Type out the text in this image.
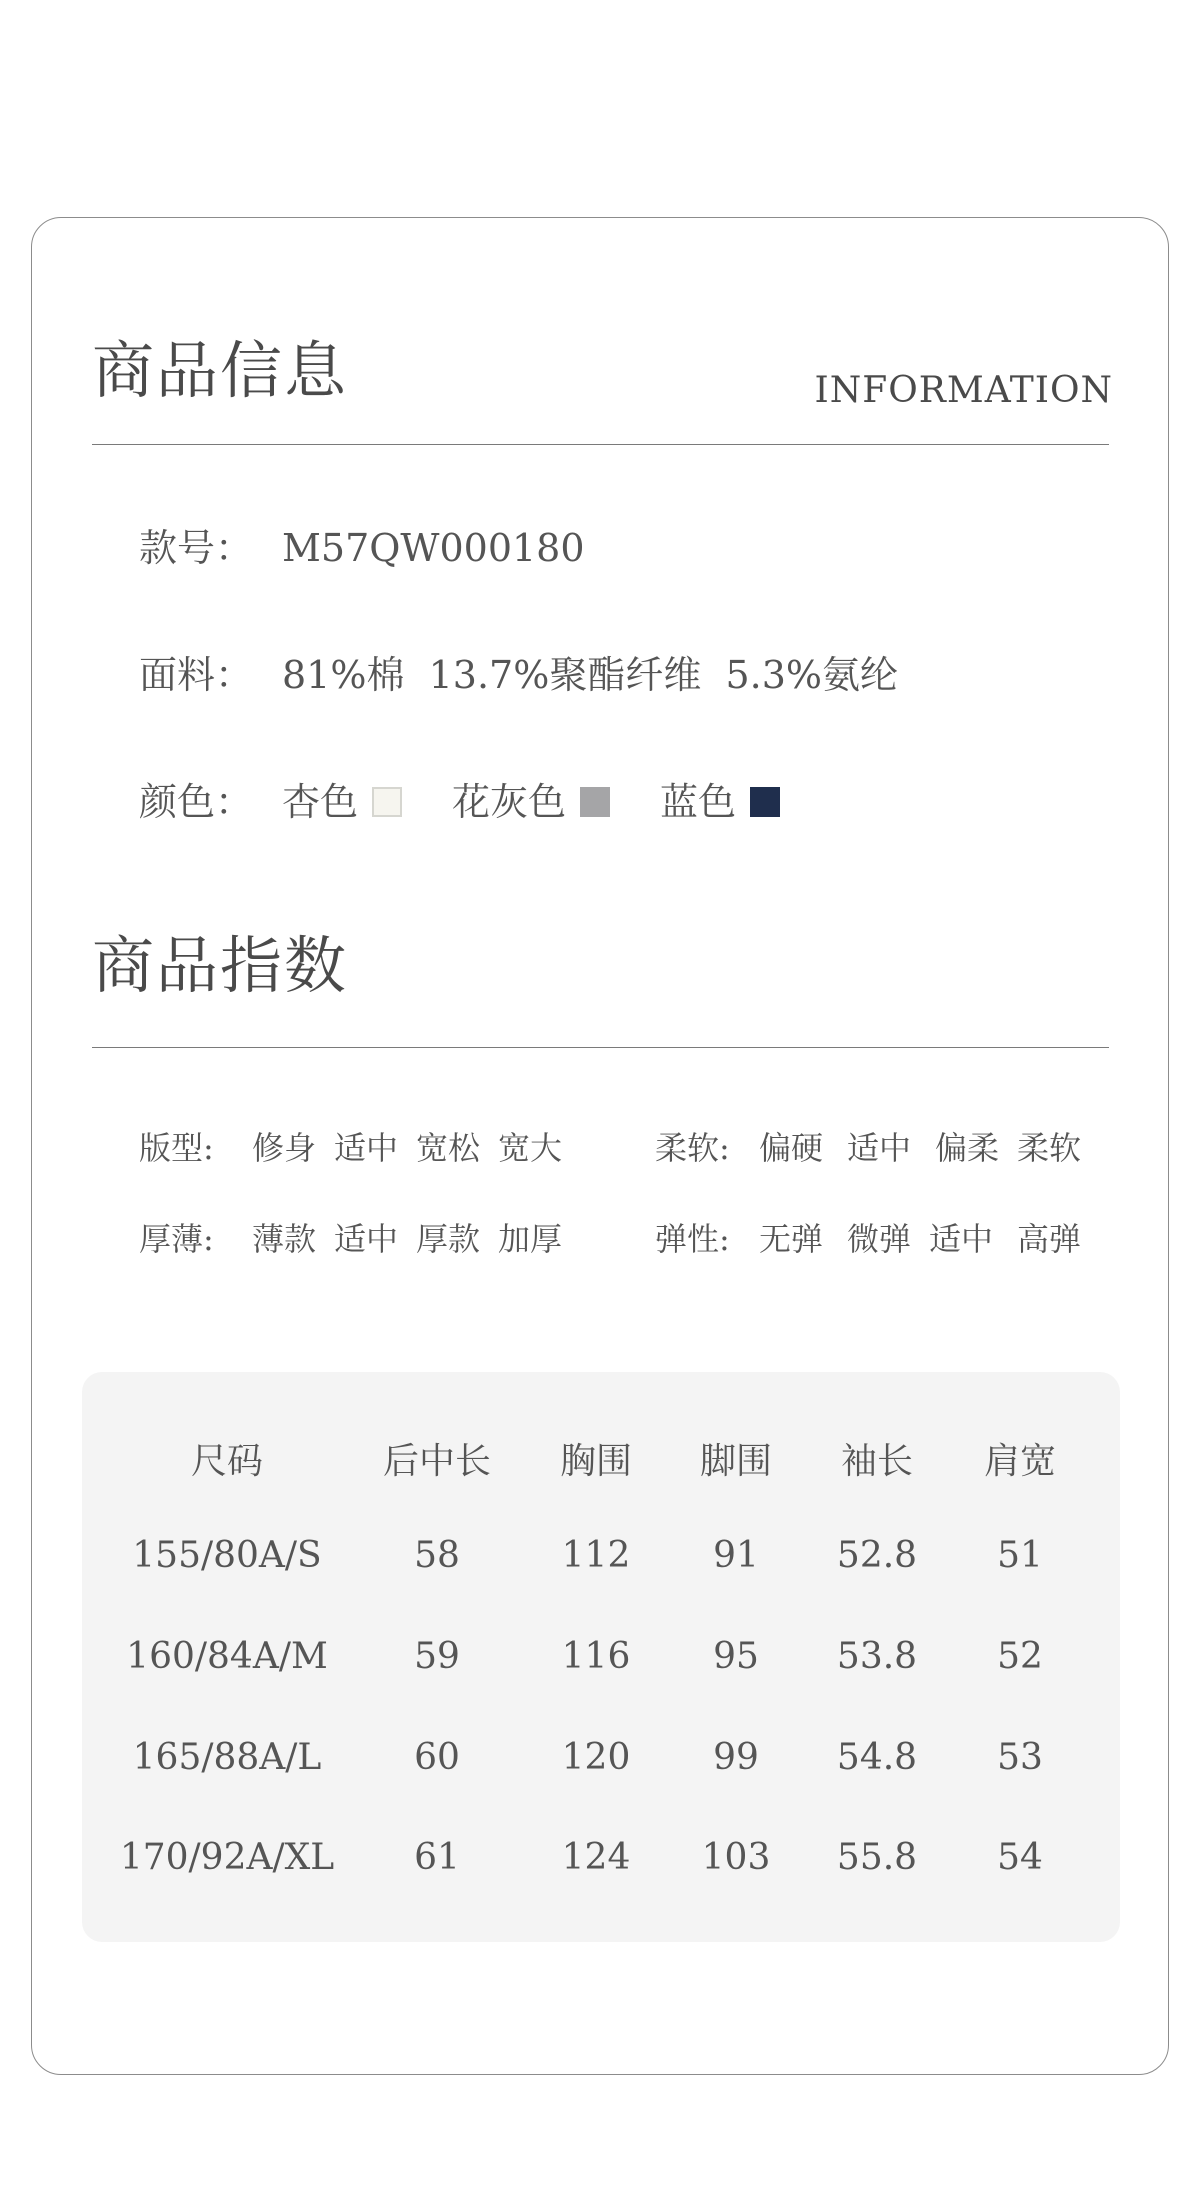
商品信息	INFORMATION
款号： M57QW000180
面料： 81%棉  13.7%聚酯纤维  5.3%氨纶
颜色： 杏色 花灰色 蓝色
商品指数
版型:	修身 适中 宽松 宽大	柔软: 偏硬 适中 偏柔 柔软
厚薄:	薄款 适中 厚款 加厚	弹性: 无弹 微弹 适中 高弹
尺码	后中长 胸围 脚围 袖长 肩宽
155/80A/S	58	112 91 52.8 51
160/84A/M 59	116 95 53.8 52
165/88A/L	60	120 99 54.8 53
170/92A/XL 61	124 103 55.8 54
